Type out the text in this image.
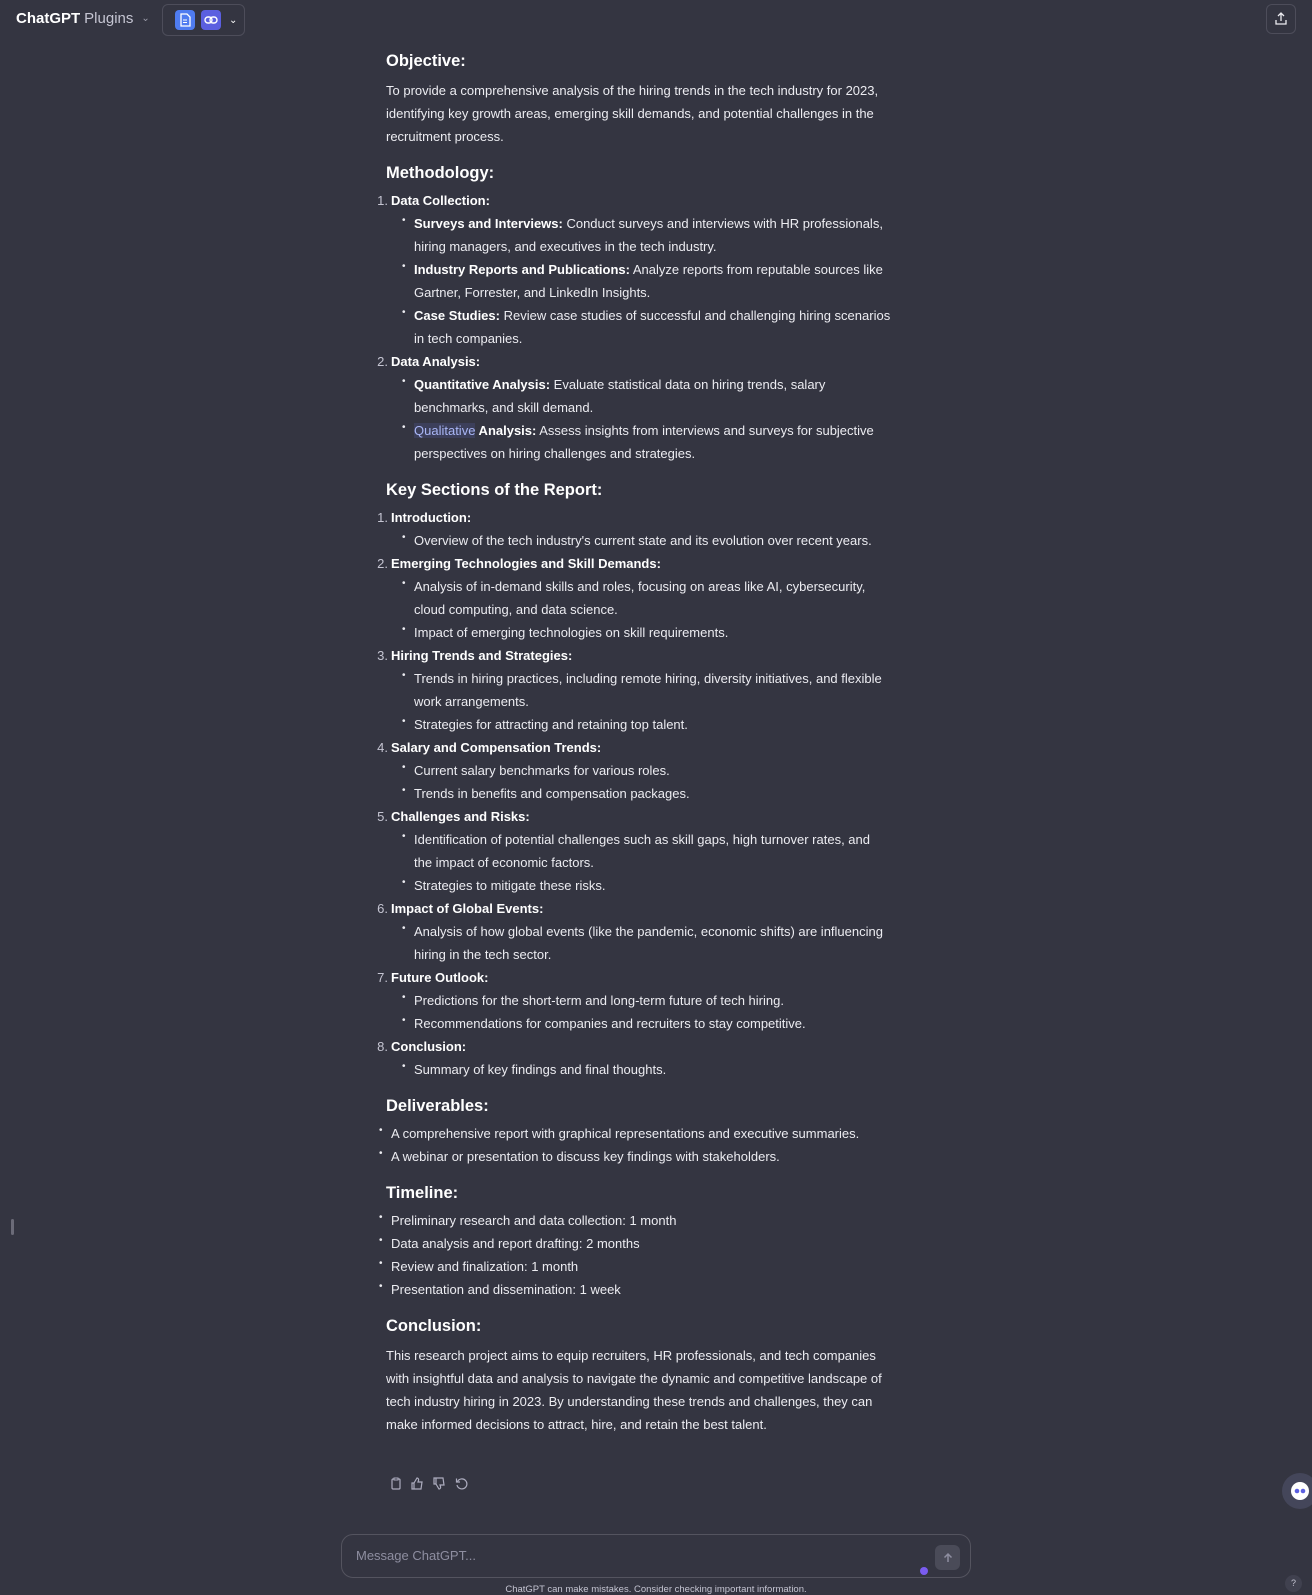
ChatGPT Plugins ⌄	⌄
Objective:

To provide a comprehensive analysis of the hiring trends in the tech industry for 2023, identifying key growth areas, emerging skill demands, and potential challenges in the recruitment process.

Methodology:
1 . Data Collection:
• Surveys and Interviews: Conduct surveys and interviews with HR professionals, hiring managers, and executives in the tech industry.
• Industry Reports and Publications: Analyze reports from reputable sources like Gartner, Forrester, and LinkedIn Insights.
• Case Studies: Review case studies of successful and challenging hiring scenarios in tech companies.
2 . Data Analysis:
• Quantitative Analysis: Evaluate statistical data on hiring trends, salary benchmarks, and skill demand.
• Qualitative Analysis: Assess insights from interviews and surveys for subjective perspectives on hiring challenges and strategies.
Key Sections of the Report:
1 . Introduction:
• Overview of the tech industry's current state and its evolution over recent years.
2 . Emerging Technologies and Skill Demands:
• Analysis of in-demand skills and roles, focusing on areas like AI, cybersecurity, cloud computing, and data science.
• Impact of emerging technologies on skill requirements.
3 . Hiring Trends and Strategies:
• Trends in hiring practices, including remote hiring, diversity initiatives, and flexible work arrangements.
• Strategies for attracting and retaining top talent.
4 . Salary and Compensation Trends:
• Current salary benchmarks for various roles.
• Trends in benefits and compensation packages.
5 . Challenges and Risks:
• Identification of potential challenges such as skill gaps, high turnover rates, and the impact of economic factors.
• Strategies to mitigate these risks.
6 . Impact of Global Events:
• Analysis of how global events (like the pandemic, economic shifts) are influencing hiring in the tech sector.
7 . Future Outlook:
• Predictions for the short-term and long-term future of tech hiring.
• Recommendations for companies and recruiters to stay competitive.
8 . Conclusion:
• Summary of key findings and final thoughts.
Deliverables:
• A comprehensive report with graphical representations and executive summaries.
• A webinar or presentation to discuss key findings with stakeholders.
Timeline:
• Preliminary research and data collection: 1 month
• Data analysis and report drafting: 2 months
• Review and finalization: 1 month
• Presentation and dissemination: 1 week
Conclusion:

This research project aims to equip recruiters, HR professionals, and tech companies with insightful data and analysis to navigate the dynamic and competitive landscape of tech industry hiring in 2023. By understanding these trends and challenges, they can make informed decisions to attract, hire, and retain the best talent.

Message ChatGPT...
ChatGPT can make mistakes. Consider checking important information.
?
